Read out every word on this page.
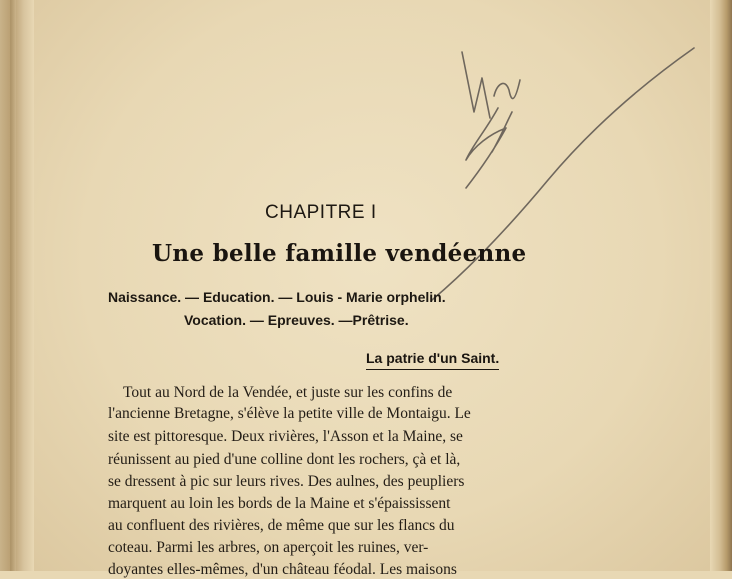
CHAPITRE I
Une belle famille vendéenne
Naissance. — Education. — Louis - Marie orphelin.
Vocation. — Epreuves. —Prêtrise.
La patrie d'un Saint.
Tout au Nord de la Vendée, et juste sur les confins de
l'ancienne Bretagne, s'élève la petite ville de Montaigu. Le
site est pittoresque. Deux rivières, l'Asson et la Maine, se
réunissent au pied d'une colline dont les rochers, çà et là,
se dressent à pic sur leurs rives. Des aulnes, des peupliers
marquent au loin les bords de la Maine et s'épaississent
au confluent des rivières, de même que sur les flancs du
coteau. Parmi les arbres, on aperçoit les ruines, ver-
doyantes elles-mêmes, d'un château féodal. Les maisons
